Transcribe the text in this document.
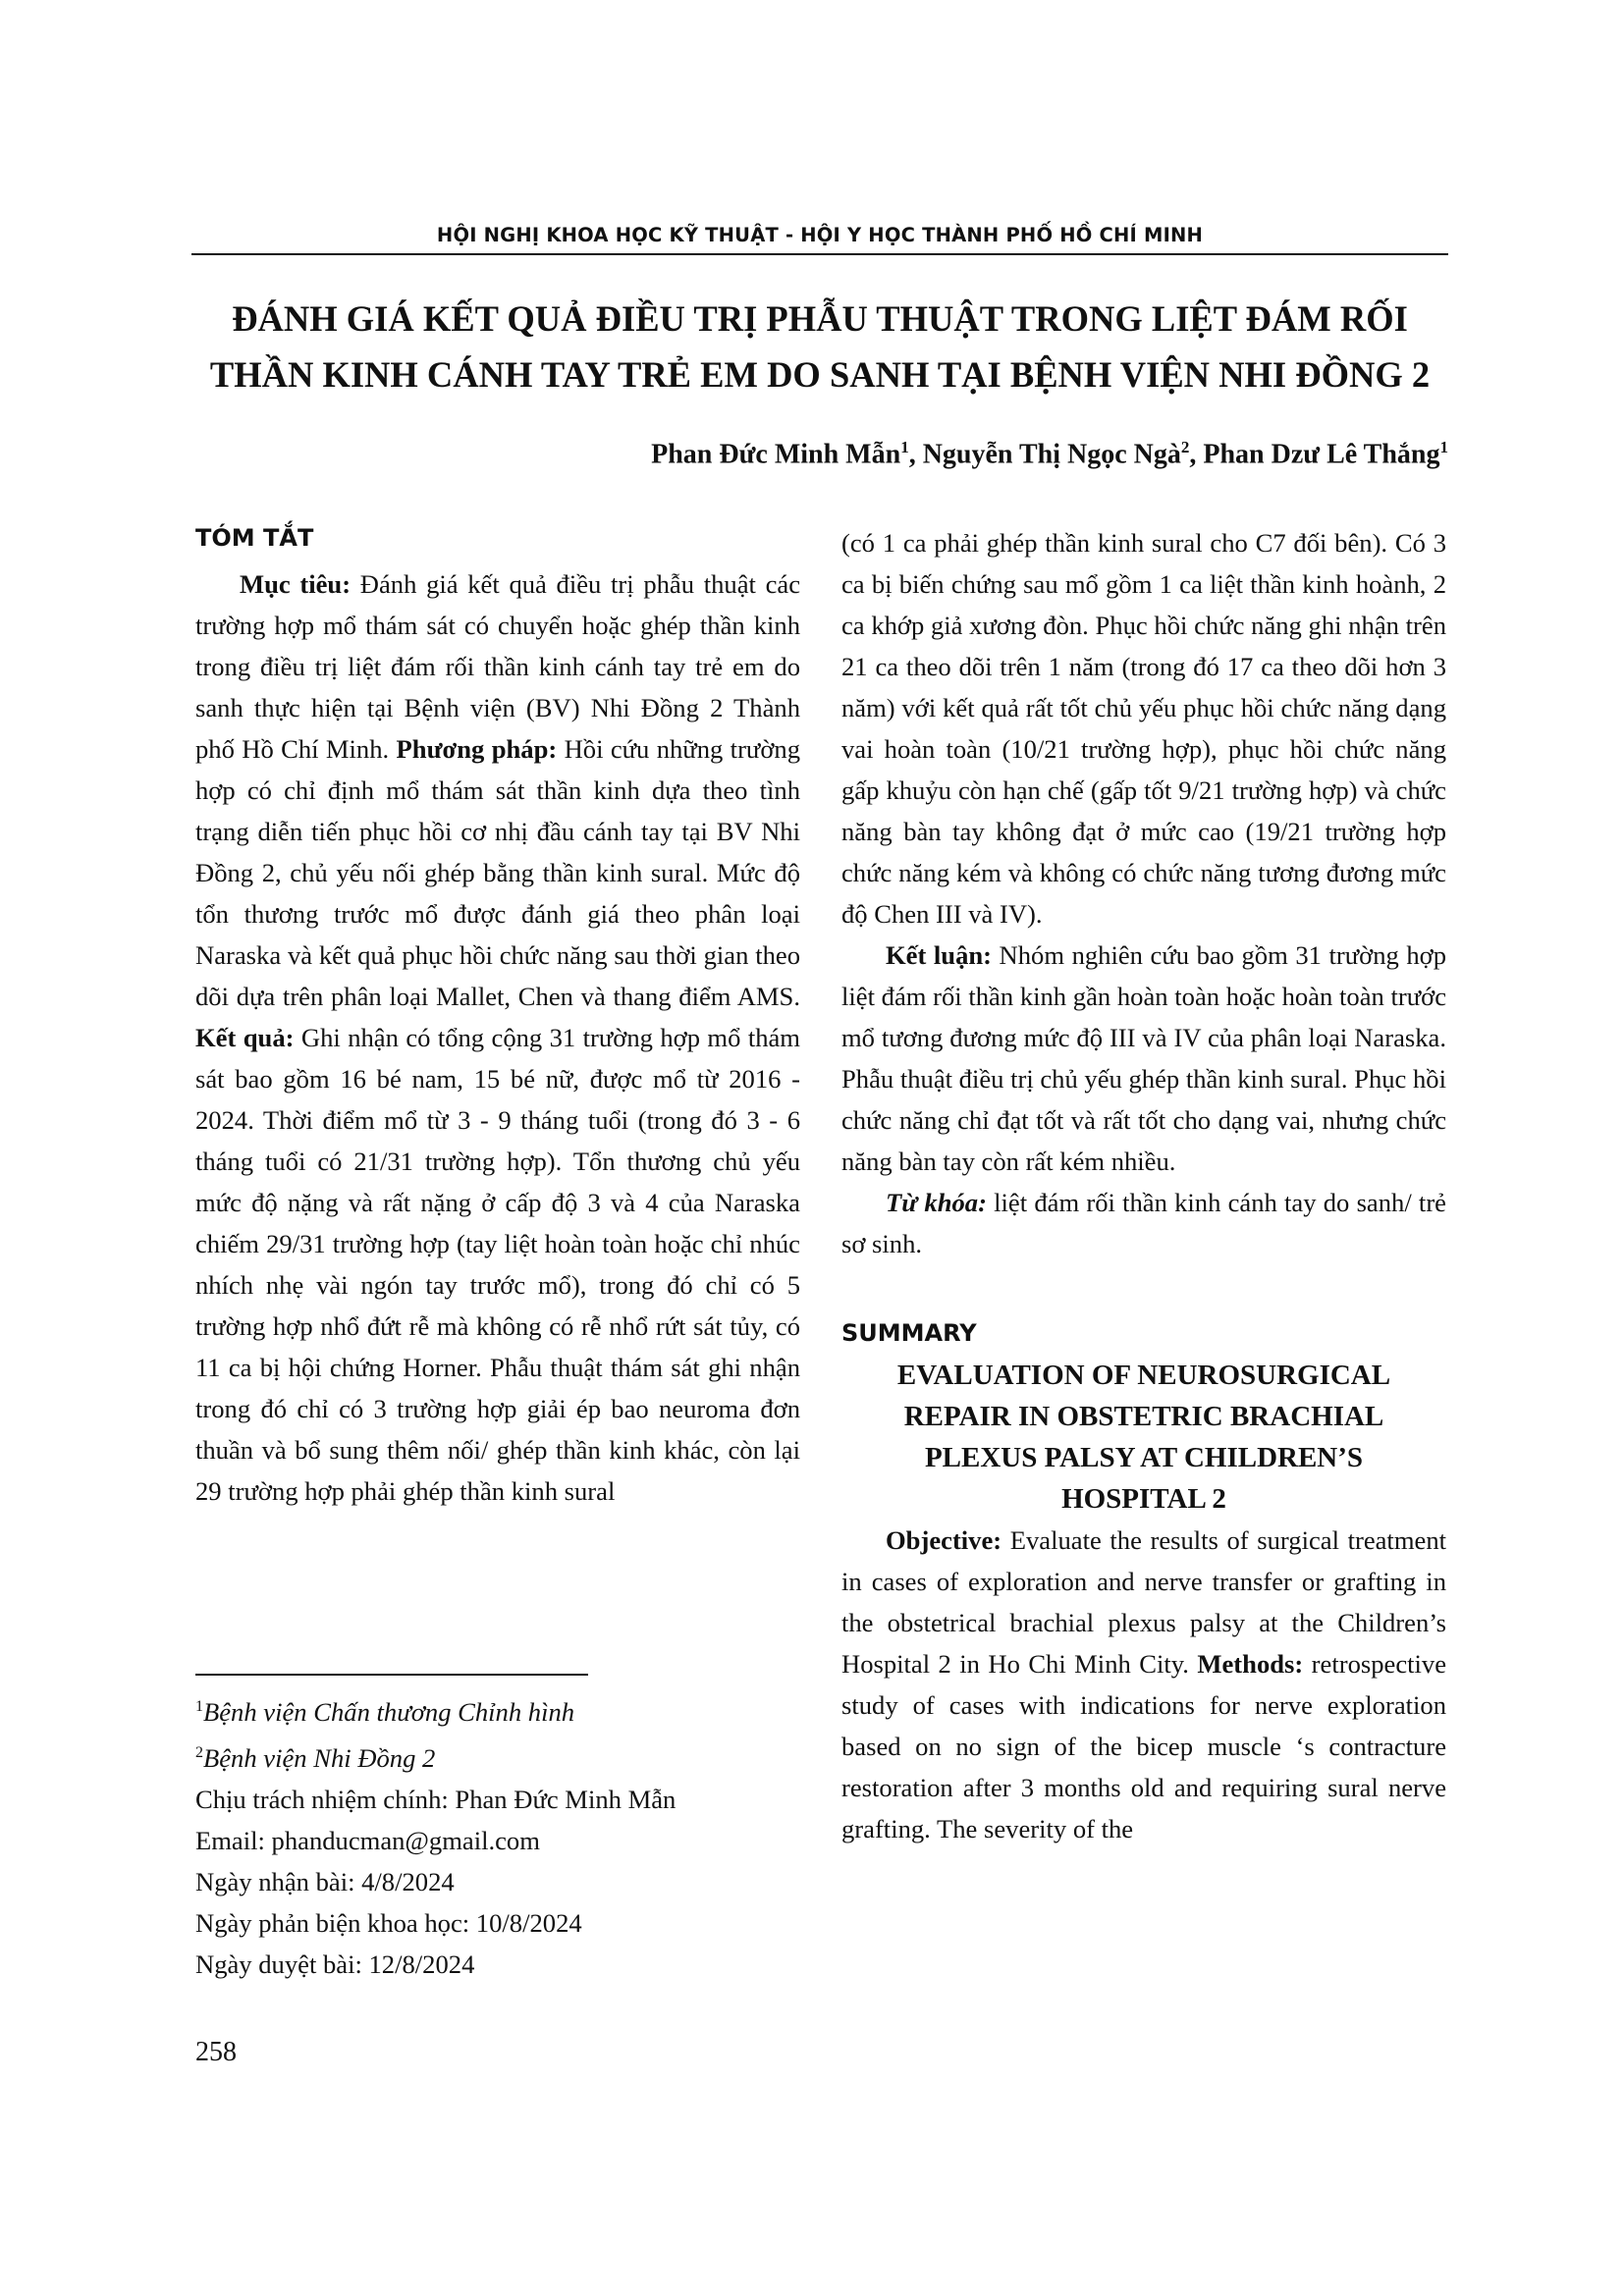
HỘI NGHỊ KHOA HỌC KỸ THUẬT - HỘI Y HỌC THÀNH PHỐ HỒ CHÍ MINH
ĐÁNH GIÁ KẾT QUẢ ĐIỀU TRỊ PHẪU THUẬT TRONG LIỆT ĐÁM RỐI
THẦN KINH CÁNH TAY TRẺ EM DO SANH TẠI BỆNH VIỆN NHI ĐỒNG 2
Phan Đức Minh Mẫn$^1$, Nguyễn Thị Ngọc Ngà$^2$, Phan Dzư Lê Thắng$^1$
TÓM TẮT

Mục tiêu: Đánh giá kết quả điều trị phẫu thuật các trường hợp mổ thám sát có chuyển hoặc ghép thần kinh trong điều trị liệt đám rối thần kinh cánh tay trẻ em do sanh thực hiện tại Bệnh viện (BV) Nhi Đồng 2 Thành phố Hồ Chí Minh. Phương pháp: Hồi cứu những trường hợp có chỉ định mổ thám sát thần kinh dựa theo tình trạng diễn tiến phục hồi cơ nhị đầu cánh tay tại BV Nhi Đồng 2, chủ yếu nối ghép bằng thần kinh sural. Mức độ tổn thương trước mổ được đánh giá theo phân loại Naraska và kết quả phục hồi chức năng sau thời gian theo dõi dựa trên phân loại Mallet, Chen và thang điểm AMS. Kết quả: Ghi nhận có tổng cộng 31 trường hợp mổ thám sát bao gồm 16 bé nam, 15 bé nữ, được mổ từ 2016 - 2024. Thời điểm mổ từ 3 - 9 tháng tuổi (trong đó 3 - 6 tháng tuổi có 21/31 trường hợp). Tổn thương chủ yếu mức độ nặng và rất nặng ở cấp độ 3 và 4 của Naraska chiếm 29/31 trường hợp (tay liệt hoàn toàn hoặc chỉ nhúc nhích nhẹ vài ngón tay trước mổ), trong đó chỉ có 5 trường hợp nhổ đứt rễ mà không có rễ nhổ rứt sát tủy, có 11 ca bị hội chứng Horner. Phẫu thuật thám sát ghi nhận trong đó chỉ có 3 trường hợp giải ép bao neuroma đơn thuần và bổ sung thêm nối/ ghép thần kinh khác, còn lại 29 trường hợp phải ghép thần kinh sural

(có 1 ca phải ghép thần kinh sural cho C7 đối bên). Có 3 ca bị biến chứng sau mổ gồm 1 ca liệt thần kinh hoành, 2 ca khớp giả xương đòn. Phục hồi chức năng ghi nhận trên 21 ca theo dõi trên 1 năm (trong đó 17 ca theo dõi hơn 3 năm) với kết quả rất tốt chủ yếu phục hồi chức năng dạng vai hoàn toàn (10/21 trường hợp), phục hồi chức năng gấp khuỷu còn hạn chế (gấp tốt 9/21 trường hợp) và chức năng bàn tay không đạt ở mức cao (19/21 trường hợp chức năng kém và không có chức năng tương đương mức độ Chen III và IV).

Kết luận: Nhóm nghiên cứu bao gồm 31 trường hợp liệt đám rối thần kinh gần hoàn toàn hoặc hoàn toàn trước mổ tương đương mức độ III và IV của phân loại Naraska. Phẫu thuật điều trị chủ yếu ghép thần kinh sural. Phục hồi chức năng chỉ đạt tốt và rất tốt cho dạng vai, nhưng chức năng bàn tay còn rất kém nhiều.

Từ khóa: liệt đám rối thần kinh cánh tay do sanh/ trẻ sơ sinh.

SUMMARY
EVALUATION OF NEUROSURGICAL
REPAIR IN OBSTETRIC BRACHIAL
PLEXUS PALSY AT CHILDREN’S
HOSPITAL 2

Objective: Evaluate the results of surgical treatment in cases of exploration and nerve transfer or grafting in the obstetrical brachial plexus palsy at the Children’s Hospital 2 in Ho Chi Minh City. Methods: retrospective study of cases with indications for nerve exploration based on no sign of the bicep muscle ‘s contracture restoration after 3 months old and requiring sural nerve grafting. The severity of the

$^1$Bệnh viện Chấn thương Chỉnh hình

$^2$Bệnh viện Nhi Đồng 2

Chịu trách nhiệm chính: Phan Đức Minh Mẫn

Email: phanducman@gmail.com

Ngày nhận bài: 4/8/2024

Ngày phản biện khoa học: 10/8/2024

Ngày duyệt bài: 12/8/2024

258
